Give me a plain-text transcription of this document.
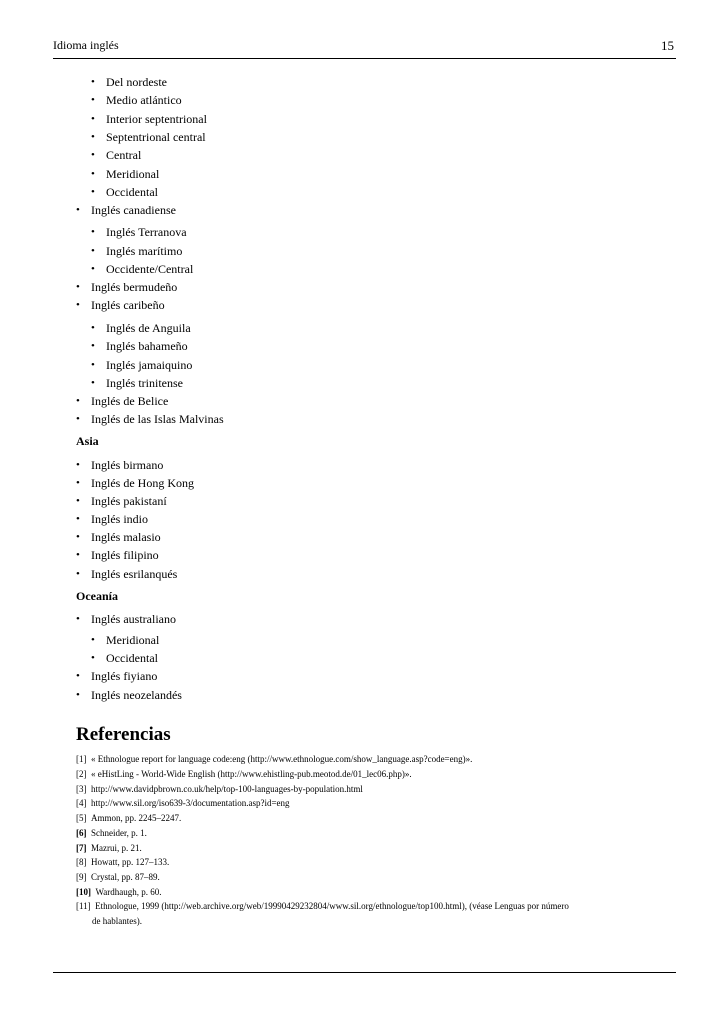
Idioma inglés	15
• Del nordeste
• Medio atlántico
• Interior septentrional
• Septentrional central
• Central
• Meridional
• Occidental
• Inglés canadiense
• Inglés Terranova
• Inglés marítimo
• Occidente/Central
• Inglés bermudeño
• Inglés caribeño
• Inglés de Anguila
• Inglés bahameño
• Inglés jamaiquino
• Inglés trinitense
• Inglés de Belice
• Inglés de las Islas Malvinas
Asia
• Inglés birmano
• Inglés de Hong Kong
• Inglés pakistaní
• Inglés indio
• Inglés malasio
• Inglés filipino
• Inglés esrilanqués
Oceanía
• Inglés australiano
• Meridional
• Occidental
• Inglés fiyiano
• Inglés neozelandés
Referencias
[1] « Ethnologue report for language code:eng (http://www.ethnologue.com/show_language.asp?code=eng)».
[2] « eHistLing - World-Wide English (http://www.ehistling-pub.meotod.de/01_lec06.php)».
[3] http://www.davidpbrown.co.uk/help/top-100-languages-by-population.html
[4] http://www.sil.org/iso639-3/documentation.asp?id=eng
[5] Ammon, pp. 2245–2247.
[6] Schneider, p. 1.
[7] Mazrui, p. 21.
[8] Howatt, pp. 127–133.
[9] Crystal, pp. 87–89.
[10] Wardhaugh, p. 60.
[11] Ethnologue, 1999 (http://web.archive.org/web/19990429232804/www.sil.org/ethnologue/top100.html), (véase Lenguas por número
de hablantes).
